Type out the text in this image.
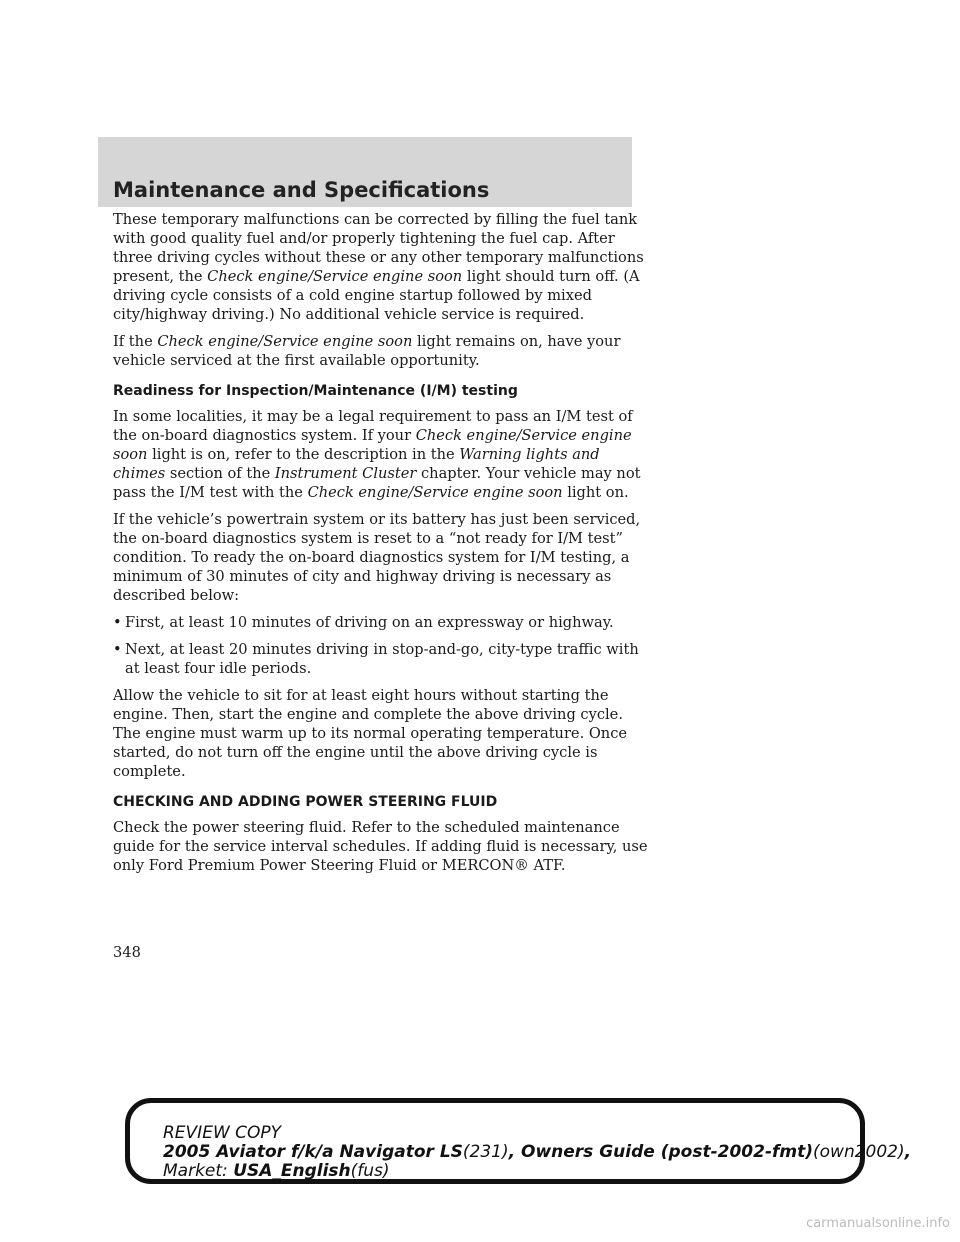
Maintenance and Specifications

These temporary malfunctions can be corrected by filling the fuel tank with good quality fuel and/or properly tightening the fuel cap. After three driving cycles without these or any other temporary malfunctions present, the Check engine/Service engine soon light should turn off. (A driving cycle consists of a cold engine startup followed by mixed city/highway driving.) No additional vehicle service is required.

If the Check engine/Service engine soon light remains on, have your vehicle serviced at the first available opportunity.

Readiness for Inspection/Maintenance (I/M) testing

In some localities, it may be a legal requirement to pass an I/M test of the on-board diagnostics system. If your Check engine/Service engine soon light is on, refer to the description in the Warning lights and chimes section of the Instrument Cluster chapter. Your vehicle may not pass the I/M test with the Check engine/Service engine soon light on.

If the vehicle’s powertrain system or its battery has just been serviced, the on-board diagnostics system is reset to a “not ready for I/M test” condition. To ready the on-board diagnostics system for I/M testing, a minimum of 30 minutes of city and highway driving is necessary as described below:

• First, at least 10 minutes of driving on an expressway or highway.
• Next, at least 20 minutes driving in stop-and-go, city-type traffic with at least four idle periods.

Allow the vehicle to sit for at least eight hours without starting the engine. Then, start the engine and complete the above driving cycle. The engine must warm up to its normal operating temperature. Once started, do not turn off the engine until the above driving cycle is complete.

CHECKING AND ADDING POWER STEERING FLUID

Check the power steering fluid. Refer to the scheduled maintenance guide for the service interval schedules. If adding fluid is necessary, use only Ford Premium Power Steering Fluid or MERCON® ATF.

348
REVIEW COPY
2005 Aviator f/k/a Navigator LS(231), Owners Guide (post-2002-fmt)(own2002),
Market: USA_English(fus)
carmanualsonline.info
